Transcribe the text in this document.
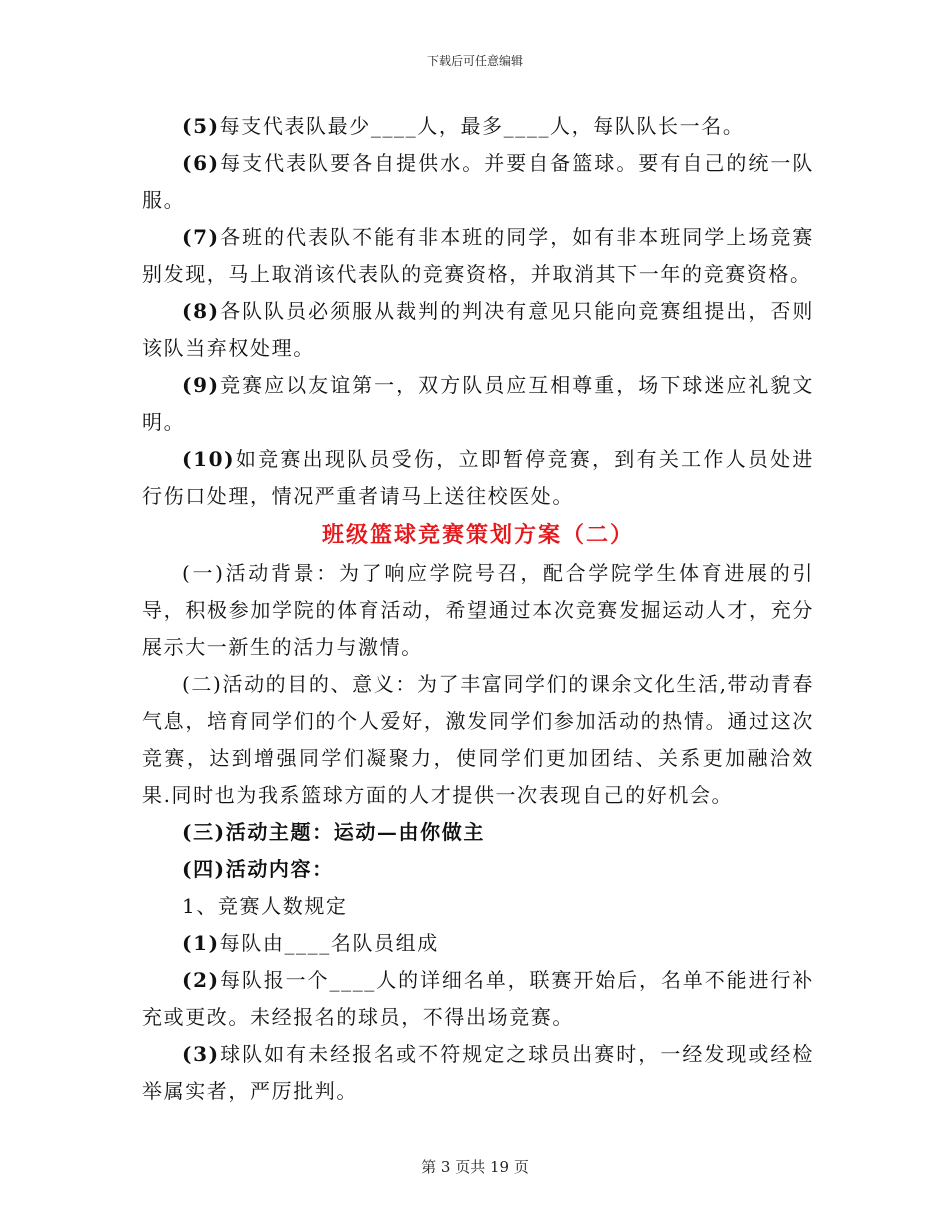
下载后可任意编辑

(5)每支代表队最少____人，最多____人，每队队长一名。

(6)每支代表队要各自提供水。并要自备篮球。要有自己的统一队服。

(7)各班的代表队不能有非本班的同学，如有非本班同学上场竞赛别发现，马上取消该代表队的竞赛资格，并取消其下一年的竞赛资格。

(8)各队队员必须服从裁判的判决有意见只能向竞赛组提出，否则该队当弃权处理。

(9)竞赛应以友谊第一，双方队员应互相尊重，场下球迷应礼貌文明。

(10)如竞赛出现队员受伤，立即暂停竞赛，到有关工作人员处进行伤口处理，情况严重者请马上送往校医处。

班级篮球竞赛策划方案（二）

(一)活动背景：为了响应学院号召，配合学院学生体育进展的引导，积极参加学院的体育活动，希望通过本次竞赛发掘运动人才，充分展示大一新生的活力与激情。

(二)活动的目的、意义：为了丰富同学们的课余文化生活,带动青春气息，培育同学们的个人爱好，激发同学们参加活动的热情。通过这次竞赛，达到增强同学们凝聚力，使同学们更加团结、关系更加融洽效果.同时也为我系篮球方面的人才提供一次表现自己的好机会。

(三)活动主题：运动—由你做主

(四)活动内容：

1、竞赛人数规定

(1)每队由____名队员组成

(2)每队报一个____人的详细名单，联赛开始后，名单不能进行补充或更改。未经报名的球员，不得出场竞赛。

(3)球队如有未经报名或不符规定之球员出赛时，一经发现或经检举属实者，严厉批判。

第 3 页共 19 页
